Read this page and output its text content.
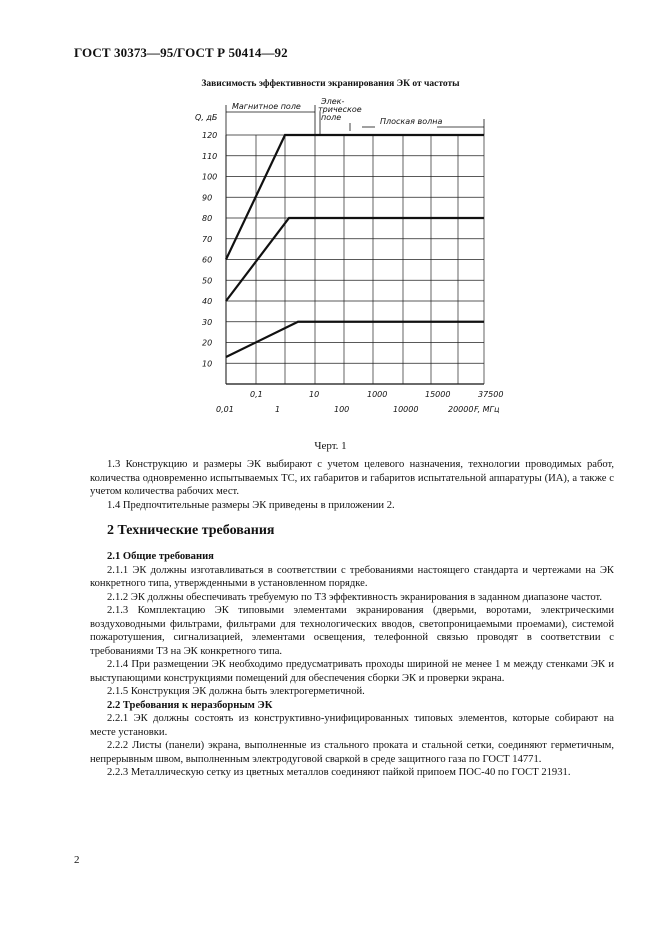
ГОСТ 30373—95/ГОСТ Р 50414—92
Зависимость эффективности экранирования ЭК от частоты
Q, дБ
Магнитное поле
Элек-трическое поле	Плоская волна
120
110
100
90
80
70
60
50
40
30
20
10
0,1	10	1000	15000	37500
0,01	1	100	10000	20000 F, МГц
Черт. 1

1.3 Конструкцию и размеры ЭК выбирают с учетом целевого назначения, технологии проводимых работ, количества одновременно испытываемых ТС, их габаритов и габаритов испытательной аппаратуры (ИА), а также с учетом количества рабочих мест.

1.4 Предпочтительные размеры ЭК приведены в приложении 2.

2 Технические требования

2.1 Общие требования

2.1.1 ЭК должны изготавливаться в соответствии с требованиями настоящего стандарта и чертежами на ЭК конкретного типа, утвержденными в установленном порядке.

2.1.2 ЭК должны обеспечивать требуемую по ТЗ эффективность экранирования в заданном диапазоне частот.

2.1.3 Комплектацию ЭК типовыми элементами экранирования (дверьми, воротами, электрическими воздуховодными фильтрами, фильтрами для технологических вводов, светопроницаемыми проемами), системой пожаротушения, сигнализацией, элементами освещения, телефонной связью проводят в соответствии с требованиями ТЗ на ЭК конкретного типа.

2.1.4 При размещении ЭК необходимо предусматривать проходы шириной не менее 1 м между стенками ЭК и выступающими конструкциями помещений для обеспечения сборки ЭК и проверки экрана.

2.1.5 Конструкция ЭК должна быть электрогерметичной.

2.2 Требования к неразборным ЭК

2.2.1 ЭК должны состоять из конструктивно-унифицированных типовых элементов, которые собирают на месте установки.

2.2.2 Листы (панели) экрана, выполненные из стального проката и стальной сетки, соединяют герметичным, непрерывным швом, выполненным электродуговой сваркой в среде защитного газа по ГОСТ 14771.

2.2.3 Металлическую сетку из цветных металлов соединяют пайкой припоем ПОС-40 по ГОСТ 21931.

2
